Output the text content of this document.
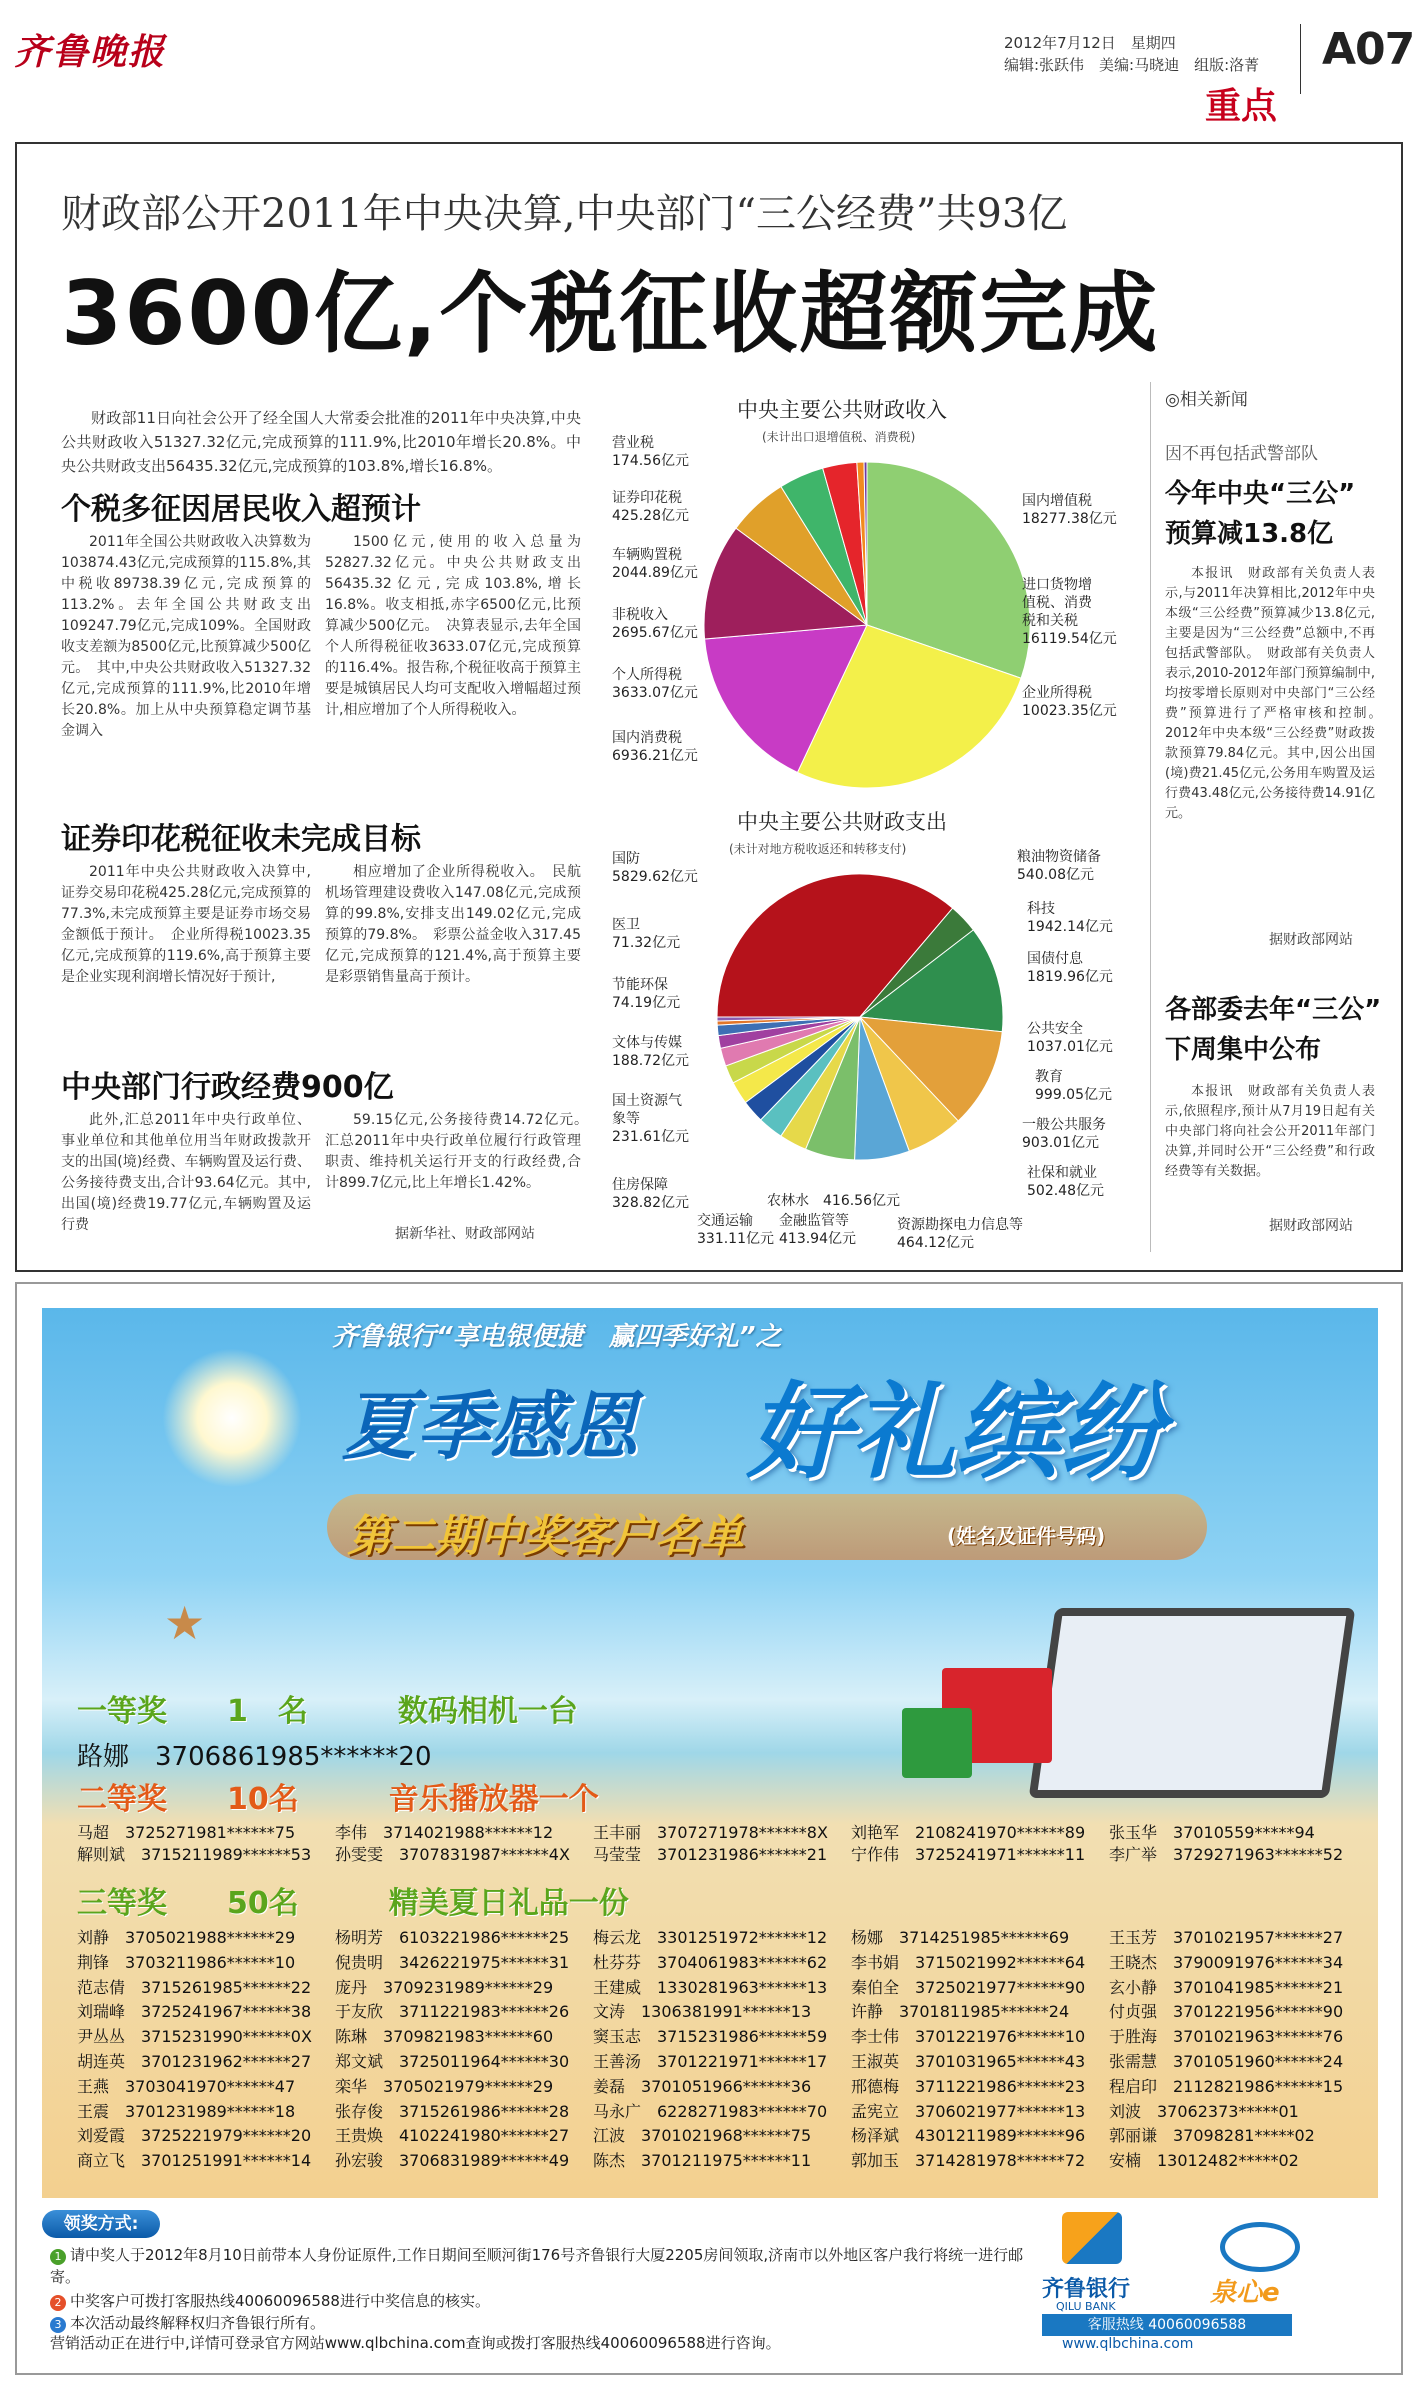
齐鲁晚报	2012年7月12日　星期四
编辑:张跃伟　美编:马晓迪　组版:洛菁 A07
重点
财政部公开2011年中央决算,中央部门“三公经费”共93亿
3600亿,个税征收超额完成
财政部11日向社会公开了经全国人大常委会批准的2011年中央决算,中央公共财政收入51327.32亿元,完成预算的111.9%,比2010年增长20.8%。中央公共财政支出56435.32亿元,完成预算的103.8%,增长16.8%。
个税多征因居民收入超预计
2011年全国公共财政收入决算数为103874.43亿元,完成预算的115.8%,其中税收89738.39亿元,完成预算的113.2%。去年全国公共财政支出109247.79亿元,完成109%。全国财政收支差额为8500亿元,比预算减少500亿元。　其中,中央公共财政收入51327.32亿元,完成预算的111.9%,比2010年增长20.8%。加上从中央预算稳定调节基金调入
1500亿元,使用的收入总量为52827.32亿元。中央公共财政支出56435.32亿元,完成103.8%,增长16.8%。收支相抵,赤字6500亿元,比预算减少500亿元。　决算表显示,去年全国个人所得税征收3633.07亿元,完成预算的116.4%。报告称,个税征收高于预算主要是城镇居民人均可支配收入增幅超过预计,相应增加了个人所得税收入。
证券印花税征收未完成目标
2011年中央公共财政收入决算中,证券交易印花税425.28亿元,完成预算的77.3%,未完成预算主要是证券市场交易金额低于预计。　企业所得税10023.35亿元,完成预算的119.6%,高于预算主要是企业实现利润增长情况好于预计,
相应增加了企业所得税收入。　民航机场管理建设费收入147.08亿元,完成预算的99.8%,安排支出149.02亿元,完成预算的79.8%。　彩票公益金收入317.45亿元,完成预算的121.4%,高于预算主要是彩票销售量高于预计。
中央部门行政经费900亿
此外,汇总2011年中央行政单位、事业单位和其他单位用当年财政拨款开支的出国(境)经费、车辆购置及运行费、公务接待费支出,合计93.64亿元。其中,出国(境)经费19.77亿元,车辆购置及运行费
59.15亿元,公务接待费14.72亿元。　汇总2011年中央行政单位履行行政管理职责、维持机关运行开支的行政经费,合计899.7亿元,比上年增长1.42%。
据新华社、财政部网站
中央主要公共财政收入
(未计出口退增值税、消费税)
营业税
174.56亿元
证券印花税
425.28亿元
车辆购置税
2044.89亿元
非税收入
2695.67亿元
个人所得税
3633.07亿元
国内消费税
6936.21亿元
国内增值税
18277.38亿元
进口货物增
值税、消费
税和关税
16119.54亿元
企业所得税
10023.35亿元
中央主要公共财政支出
(未计对地方税收返还和转移支付)
国防
5829.62亿元
医卫
71.32亿元
节能环保
74.19亿元
文体与传媒
188.72亿元
国土资源气
象等
231.61亿元
住房保障
328.82亿元
交通运输
331.11亿元
农林水　416.56亿元
金融监管等
413.94亿元
资源勘探电力信息等
464.12亿元
粮油物资储备
540.08亿元
科技
1942.14亿元
国债付息
1819.96亿元
公共安全
1037.01亿元
教育
999.05亿元
一般公共服务
903.01亿元
社保和就业
502.48亿元
◎相关新闻
因不再包括武警部队
今年中央“三公”
预算减13.8亿
本报讯　财政部有关负责人表示,与2011年决算相比,2012年中央本级“三公经费”预算减少13.8亿元,主要是因为“三公经费”总额中,不再包括武警部队。　财政部有关负责人表示,2010-2012年部门预算编制中,均按零增长原则对中央部门“三公经费”预算进行了严格审核和控制。　2012年中央本级“三公经费”财政拨款预算79.84亿元。其中,因公出国(境)费21.45亿元,公务用车购置及运行费43.48亿元,公务接待费14.91亿元。
据财政部网站
各部委去年“三公”
下周集中公布
本报讯　财政部有关负责人表示,依照程序,预计从7月19日起有关中央部门将向社会公开2011年部门决算,并同时公开“三公经费”和行政经费等有关数据。
据财政部网站
齐鲁银行“享电银便捷　赢四季好礼”之
夏季感恩 好礼缤纷
第二期中奖客户名单	(姓名及证件号码)
★
一等奖　　1　名　　　数码相机一台
路娜　3706861985******20
二等奖　　10名　　　音乐播放器一个
马超　3725271981******75	李伟　3714021988******12	王丰丽　3707271978******8X	刘艳军　2108241970******89	张玉华　37010559*****94
解则斌　3715211989******53	孙雯雯　3707831987******4X	马莹莹　3701231986******21	宁作伟　3725241971******11	李广举　3729271963******52
三等奖　　50名　　　精美夏日礼品一份
刘静　3705021988******29	杨明芳　6103221986******25	梅云龙　3301251972******12	杨娜　3714251985******69	王玉芳　3701021957******27
荆锋　3703211986******10	倪贵明　3426221975******31	杜芬芬　3704061983******62	李书娟　3715021992******64	王晓杰　3790091976******34
范志倩　3715261985******22	庞丹　3709231989******29	王建威　1330281963******13	秦伯全　3725021977******90	玄小静　3701041985******21
刘瑞峰　3725241967******38	于友欣　3711221983******26	文涛　1306381991******13	许静　3701811985******24	付贞强　3701221956******90
尹丛丛　3715231990******0X	陈琳　3709821983******60	窦玉志　3715231986******59	李士伟　3701221976******10	于胜海　3701021963******76
胡连英　3701231962******27	郑文斌　3725011964******30	王善汤　3701221971******17	王淑英　3701031965******43	张需慧　3701051960******24
王燕　3703041970******47	栾华　3705021979******29	姜磊　3701051966******36	邢德梅　3711221986******23	程启印　2112821986******15
王震　3701231989******18	张存俊　3715261986******28	马永广　6228271983******70	孟宪立　3706021977******13	刘波　37062373*****01
刘爱霞　3725221979******20	王贵焕　4102241980******27	江波　3701021968******75	杨泽斌　4301211989******96	郭丽谦　37098281*****02
商立飞　3701251991******14	孙宏骏　3706831989******49	陈杰　3701211975******11	郭加玉　3714281978******72	安楠　13012482*****02
领奖方式:
1 请中奖人于2012年8月10日前带本人身份证原件,工作日期间至顺河街176号齐鲁银行大厦2205房间领取,济南市以外地区客户我行将统一进行邮寄。
2 中奖客户可拨打客服热线40060096588进行中奖信息的核实。
3 本次活动最终解释权归齐鲁银行所有。
营销活动正在进行中,详情可登录官方网站www.qlbchina.com查询或拨打客服热线40060096588进行咨询。
齐鲁银行
QILU BANK	泉心e
客服热线 40060096588
www.qlbchina.com
